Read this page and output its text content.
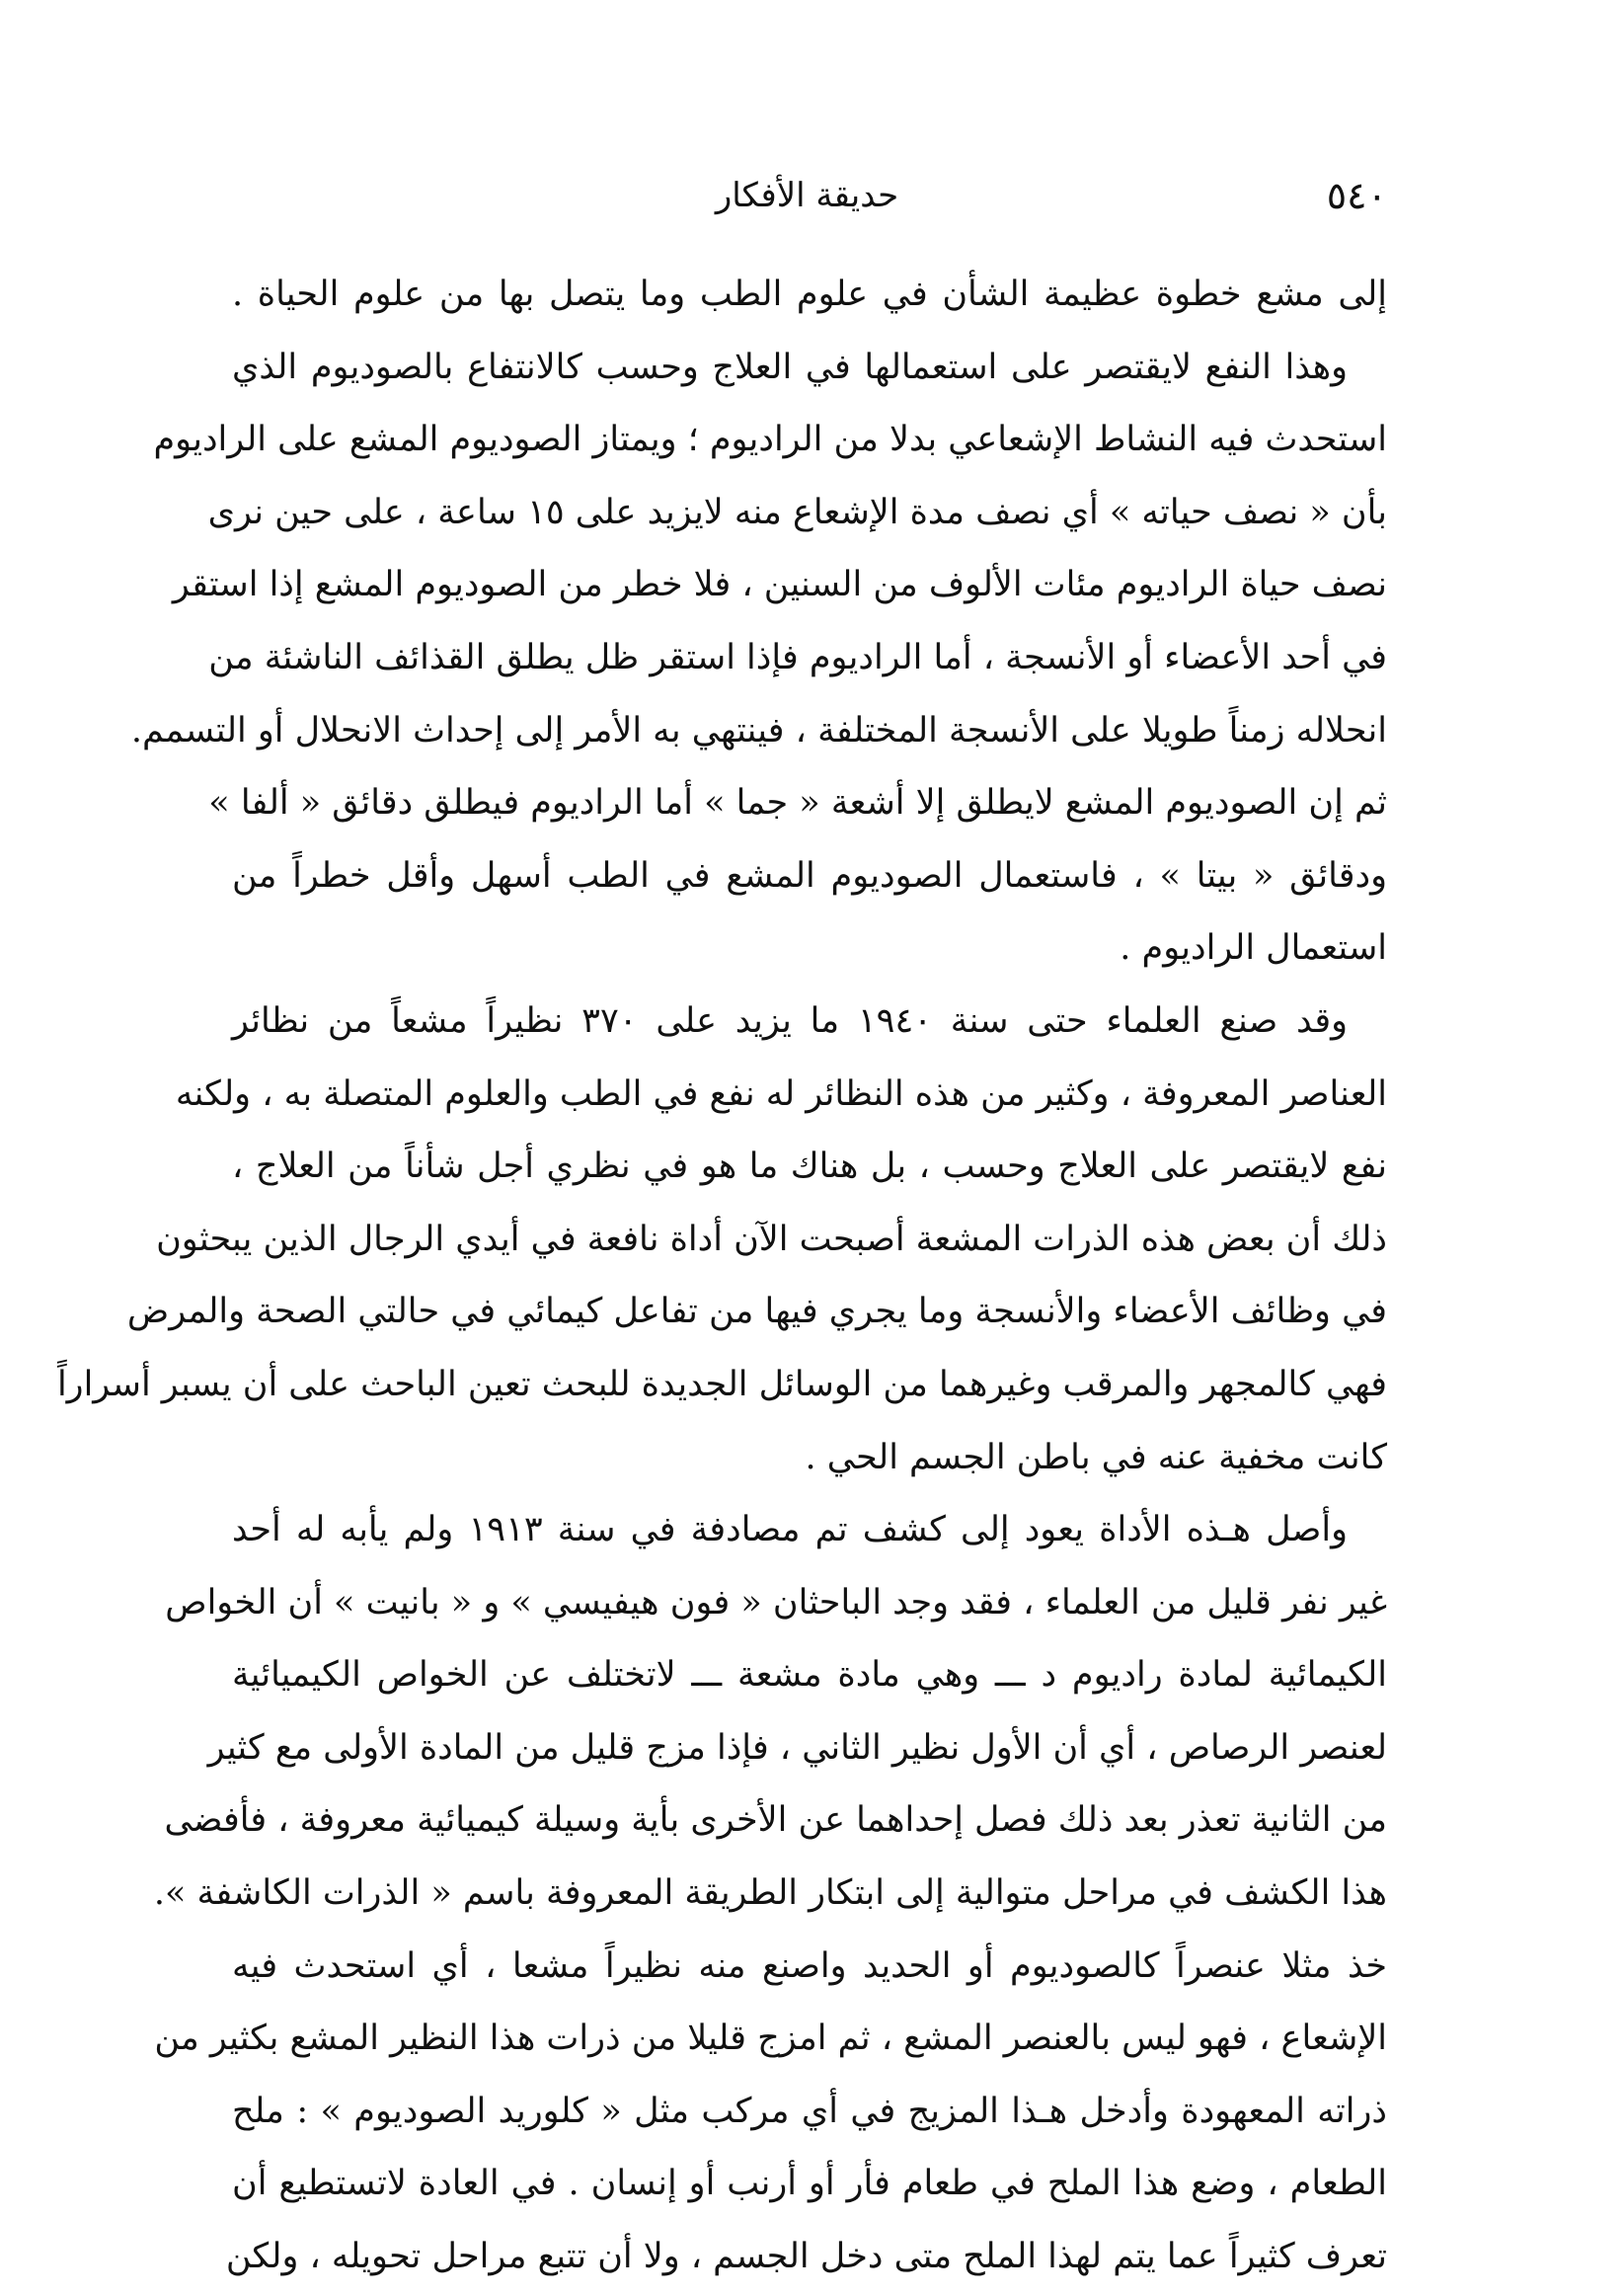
٥٤٠
حديقة الأفكار
إلى مشع خطوة عظيمة الشأن في علوم الطب وما يتصل بها من علوم الحياة .
وهذا النفع لايقتصر على استعمالها في العلاج وحسب كالانتفاع بالصوديوم الذي
استحدث فيه النشاط الإشعاعي بدلا من الراديوم ؛ ويمتاز الصوديوم المشع على الراديوم
بأن « نصف حياته » أي نصف مدة الإشعاع منه لايزيد على ١٥ ساعة ، على حين نرى
نصف حياة الراديوم مئات الألوف من السنين ، فلا خطر من الصوديوم المشع إذا استقر
في أحد الأعضاء أو الأنسجة ، أما الراديوم فإذا استقر ظل يطلق القذائف الناشئة من
انحلاله زمناً طويلا على الأنسجة المختلفة ، فينتهي به الأمر إلى إحداث الانحلال أو التسمم.
ثم إن الصوديوم المشع لايطلق إلا أشعة « جما » أما الراديوم فيطلق دقائق « ألفا »
ودقائق « بيتا » ، فاستعمال الصوديوم المشع في الطب أسهل وأقل خطراً من
استعمال الراديوم .
وقد صنع العلماء حتى سنة ١٩٤٠ ما يزيد على ٣٧٠ نظيراً مشعاً من نظائر
العناصر المعروفة ، وكثير من هذه النظائر له نفع في الطب والعلوم المتصلة به ، ولكنه
نفع لايقتصر على العلاج وحسب ، بل هناك ما هو في نظري أجل شأناً من العلاج ،
ذلك أن بعض هذه الذرات المشعة أصبحت الآن أداة نافعة في أيدي الرجال الذين يبحثون
في وظائف الأعضاء والأنسجة وما يجري فيها من تفاعل كيمائي في حالتي الصحة والمرض
فهي كالمجهر والمرقب وغيرهما من الوسائل الجديدة للبحث تعين الباحث على أن يسبر أسراراً
كانت مخفية عنه في باطن الجسم الحي .
وأصل هـذه الأداة يعود إلى كشف تم مصادفة في سنة ١٩١٣ ولم يأبه له أحد
غير نفر قليل من العلماء ، فقد وجد الباحثان « فون هيفيسي » و « بانيت » أن الخواص
الكيمائية لمادة راديوم د ـــ وهي مادة مشعة ـــ لاتختلف عن الخواص الكيميائية
لعنصر الرصاص ، أي أن الأول نظير الثاني ، فإذا مزج قليل من المادة الأولى مع كثير
من الثانية تعذر بعد ذلك فصل إحداهما عن الأخرى بأية وسيلة كيميائية معروفة ، فأفضى
هذا الكشف في مراحل متوالية إلى ابتكار الطريقة المعروفة باسم « الذرات الكاشفة ».
خذ مثلا عنصراً كالصوديوم أو الحديد واصنع منه نظيراً مشعا ، أي استحدث فيه
الإشعاع ، فهو ليس بالعنصر المشع ، ثم امزج قليلا من ذرات هذا النظير المشع بكثير من
ذراته المعهودة وأدخل هـذا المزيج في أي مركب مثل « كلوريد الصوديوم » : ملح
الطعام ، وضع هذا الملح في طعام فأر أو أرنب أو إنسان . في العادة لاتستطيع أن
تعرف كثيراً عما يتم لهذا الملح متى دخل الجسم ، ولا أن تتبع مراحل تحويله ، ولكن
